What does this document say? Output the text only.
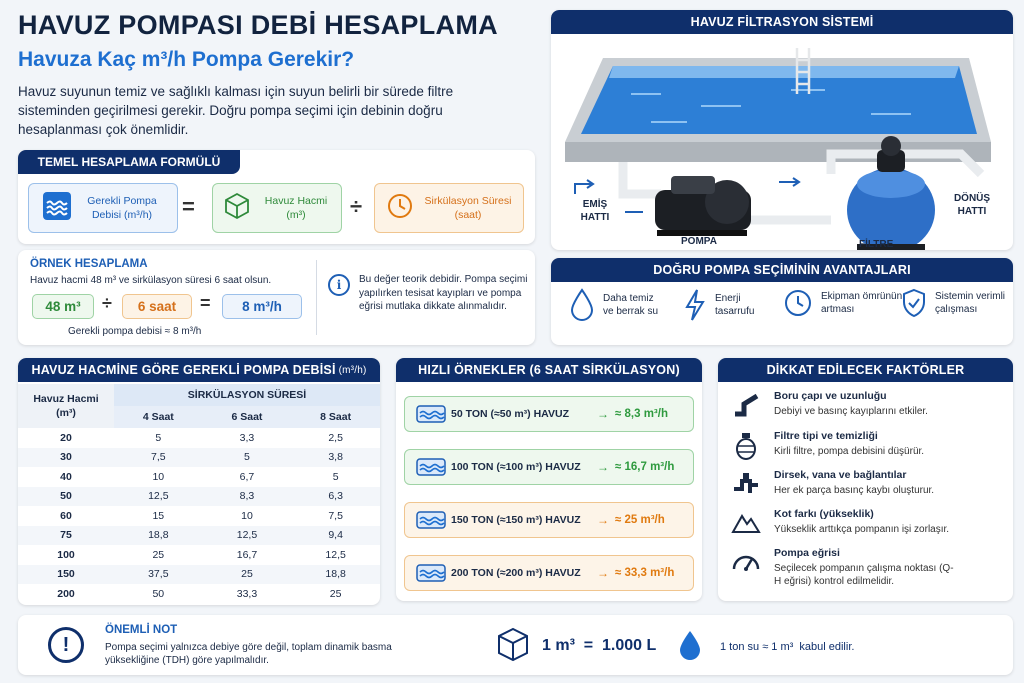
HAVUZ POMPASI DEBİ HESAPLAMA
Havuza Kaç m³/h Pompa Gerekir?
Havuz suyunun temiz ve sağlıklı kalması için suyun belirli bir sürede filtre sisteminden geçirilmesi gerekir. Doğru pompa seçimi için debinin doğru hesaplanması çok önemlidir.
TEMEL HESAPLAMA FORMÜLÜ
Gerekli Pompa Debisi (m³/h)	=	Havuz Hacmi (m³)	÷	Sirkülasyon Süresi (saat)
ÖRNEK HESAPLAMA
Havuz hacmi 48 m³ ve sirkülasyon süresi 6 saat olsun.
48 m³	÷	6 saat	=	8 m³/h
Gerekli pompa debisi ≈ 8 m³/h
i	Bu değer teorik debidir. Pompa seçimi yapılırken tesisat kayıpları ve pompa eğrisi mutlaka dikkate alınmalıdır.
HAVUZ FİLTRASYON SİSTEMİ
EMİŞ HATTI
POMPA	FİLTRE
DÖNÜŞ HATTI
DOĞRU POMPA SEÇİMİNİN AVANTAJLARI
Daha temiz ve berrak su
Enerji tasarrufu
Ekipman ömrünün artması
Sistemin verimli çalışması
HAVUZ HACMİNE GÖRE GEREKLİ POMPA DEBİSİ (m³/h)
Havuz Hacmi (m³)	SİRKÜLASYON SÜRESİ		
	4 Saat	6 Saat	8 Saat
20	5	3,3	2,5
30	7,5	5	3,8
40	10	6,7	5
50	12,5	8,3	6,3
60	15	10	7,5
75	18,8	12,5	9,4
100	25	16,7	12,5
150	37,5	25	18,8
200	50	33,3	25
HIZLI ÖRNEKLER (6 SAAT SİRKÜLASYON)
50 TON (≈50 m³) HAVUZ	→ ≈ 8,3 m³/h
100 TON (≈100 m³) HAVUZ	→ ≈ 16,7 m³/h
150 TON (≈150 m³) HAVUZ	→ ≈ 25 m³/h
200 TON (≈200 m³) HAVUZ	→ ≈ 33,3 m³/h
DİKKAT EDİLECEK FAKTÖRLER
Boru çapı ve uzunluğu
Debiyi ve basınç kayıplarını etkiler.
Filtre tipi ve temizliği
Kirli filtre, pompa debisini düşürür.
Dirsek, vana ve bağlantılar
Her ek parça basınç kaybı oluşturur.
Kot farkı (yükseklik)
Yükseklik arttıkça pompanın işi zorlaşır.
Pompa eğrisi
Seçilecek pompanın çalışma noktası (Q-H eğrisi) kontrol edilmelidir.
!
ÖNEMLİ NOT
Pompa seçimi yalnızca debiye göre değil, toplam dinamik basma yüksekliğine (TDH) göre yapılmalıdır.
1 m³  =  1.000 L	1 ton su ≈ 1 m³  kabul edilir.
